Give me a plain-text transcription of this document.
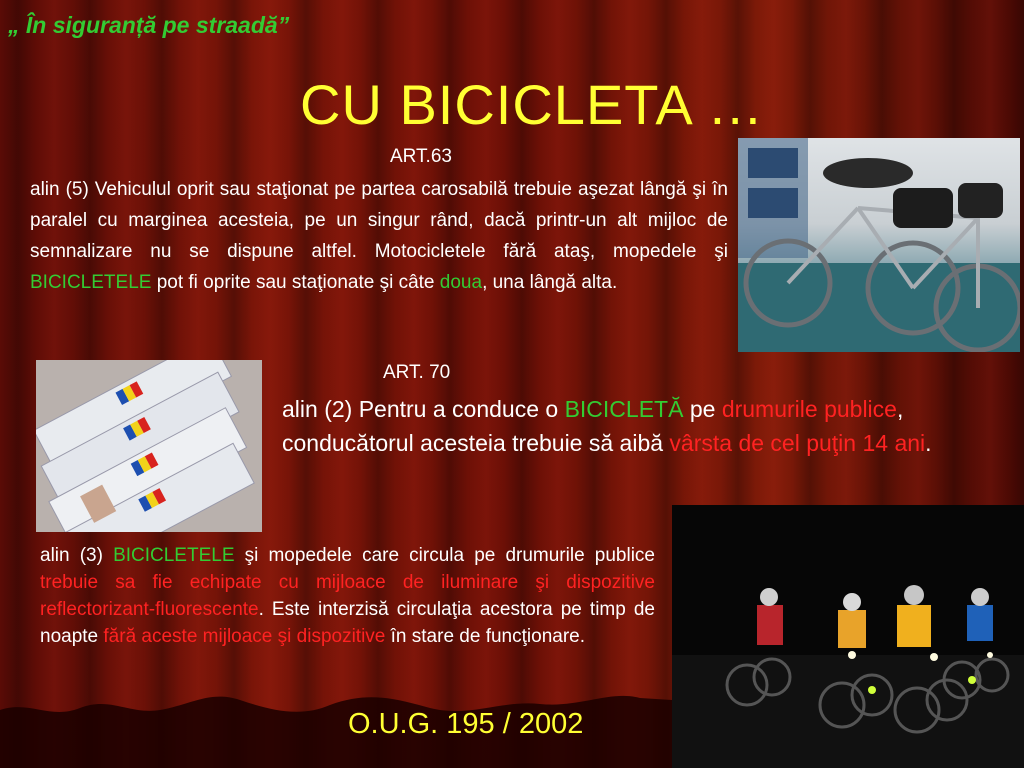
„ În siguranță pe straadă”
CU BICICLETA …
ART.63
alin (5) Vehiculul oprit sau staţionat pe partea carosabilă trebuie aşezat lângă şi în paralel cu marginea acesteia, pe un singur rând, dacă printr-un alt mijloc de semnalizare nu se dispune altfel. Motocicletele fără ataş, mopedele şi BICICLETELE pot fi oprite sau staţionate şi câte doua, una lângă alta.
ART. 70
alin (2) Pentru a conduce o BICICLETĂ pe drumurile publice, conducătorul acesteia trebuie să aibă vârsta de cel puţin 14 ani.
alin (3) BICICLETELE şi mopedele care circula pe drumurile publice trebuie sa fie echipate cu mijloace de iluminare şi dispozitive reflectorizant-fluorescente. Este interzisă circulaţia acestora pe timp de noapte fără aceste mijloace şi dispozitive în stare de funcţionare.
O.U.G. 195 / 2002
